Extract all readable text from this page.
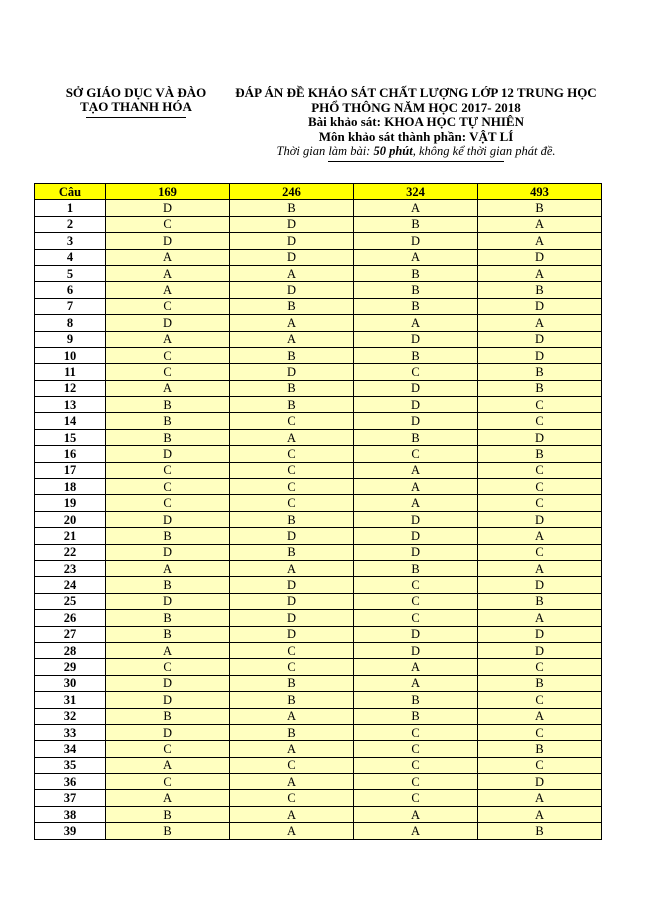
SỞ GIÁO DỤC VÀ ĐÀO
TẠO THANH HÓA
ĐÁP ÁN ĐỀ KHẢO SÁT CHẤT LƯỢNG LỚP 12 TRUNG HỌC
PHỔ THÔNG NĂM HỌC 2017- 2018
Bài khảo sát: KHOA HỌC TỰ NHIÊN
Môn khảo sát thành phần: VẬT LÍ
Thời gian làm bài: 50 phút, không kể thời gian phát đề.
Câu	169	246	324	493
1	D	B	A	B
2	C	D	B	A
3	D	D	D	A
4	A	D	A	D
5	A	A	B	A
6	A	D	B	B
7	C	B	B	D
8	D	A	A	A
9	A	A	D	D
10	C	B	B	D
11	C	D	C	B
12	A	B	D	B
13	B	B	D	C
14	B	C	D	C
15	B	A	B	D
16	D	C	C	B
17	C	C	A	C
18	C	C	A	C
19	C	C	A	C
20	D	B	D	D
21	B	D	D	A
22	D	B	D	C
23	A	A	B	A
24	B	D	C	D
25	D	D	C	B
26	B	D	C	A
27	B	D	D	D
28	A	C	D	D
29	C	C	A	C
30	D	B	A	B
31	D	B	B	C
32	B	A	B	A
33	D	B	C	C
34	C	A	C	B
35	A	C	C	C
36	C	A	C	D
37	A	C	C	A
38	B	A	A	A
39	B	A	A	B
